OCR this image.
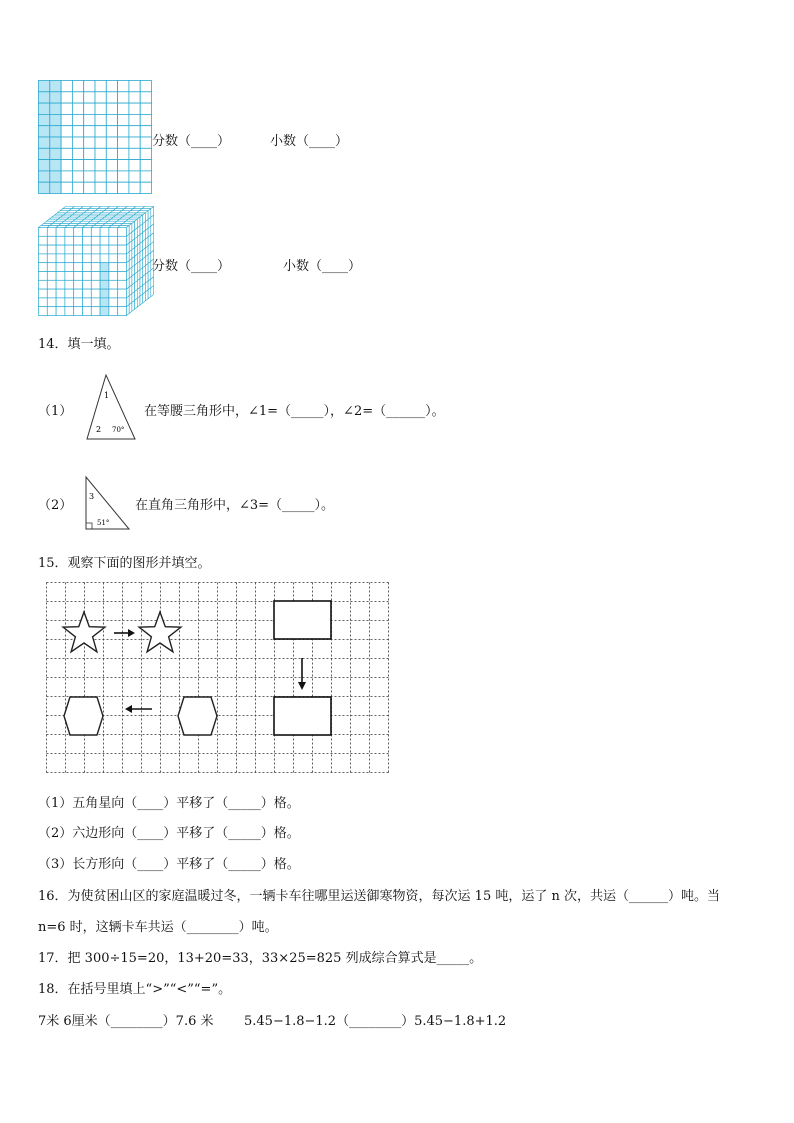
分数（____）	小数（____）
分数（____）	小数（____）
14．填一填。
（1）
1
2 70°
在等腰三角形中，∠1=（_____），∠2=（______）。
（2）
3
51°
在直角三角形中，∠3=（_____）。
15．观察下面的图形并填空。
（1）五角星向（____）平移了（_____）格。
（2）六边形向（____）平移了（_____）格。
（3）长方形向（____）平移了（_____）格。
16．为使贫困山区的家庭温暖过冬，一辆卡车往哪里运送御寒物资，每次运 15 吨，运了 n 次，共运（______）吨。当
n=6 时，这辆卡车共运（________）吨。
17．把 300÷15=20，13+20=33，33×25=825 列成综合算式是_____。
18．在括号里填上“>”“<”“=”。
7米 6厘米（________）7.6 米 5.45−1.8−1.2（________）5.45−1.8+1.2
